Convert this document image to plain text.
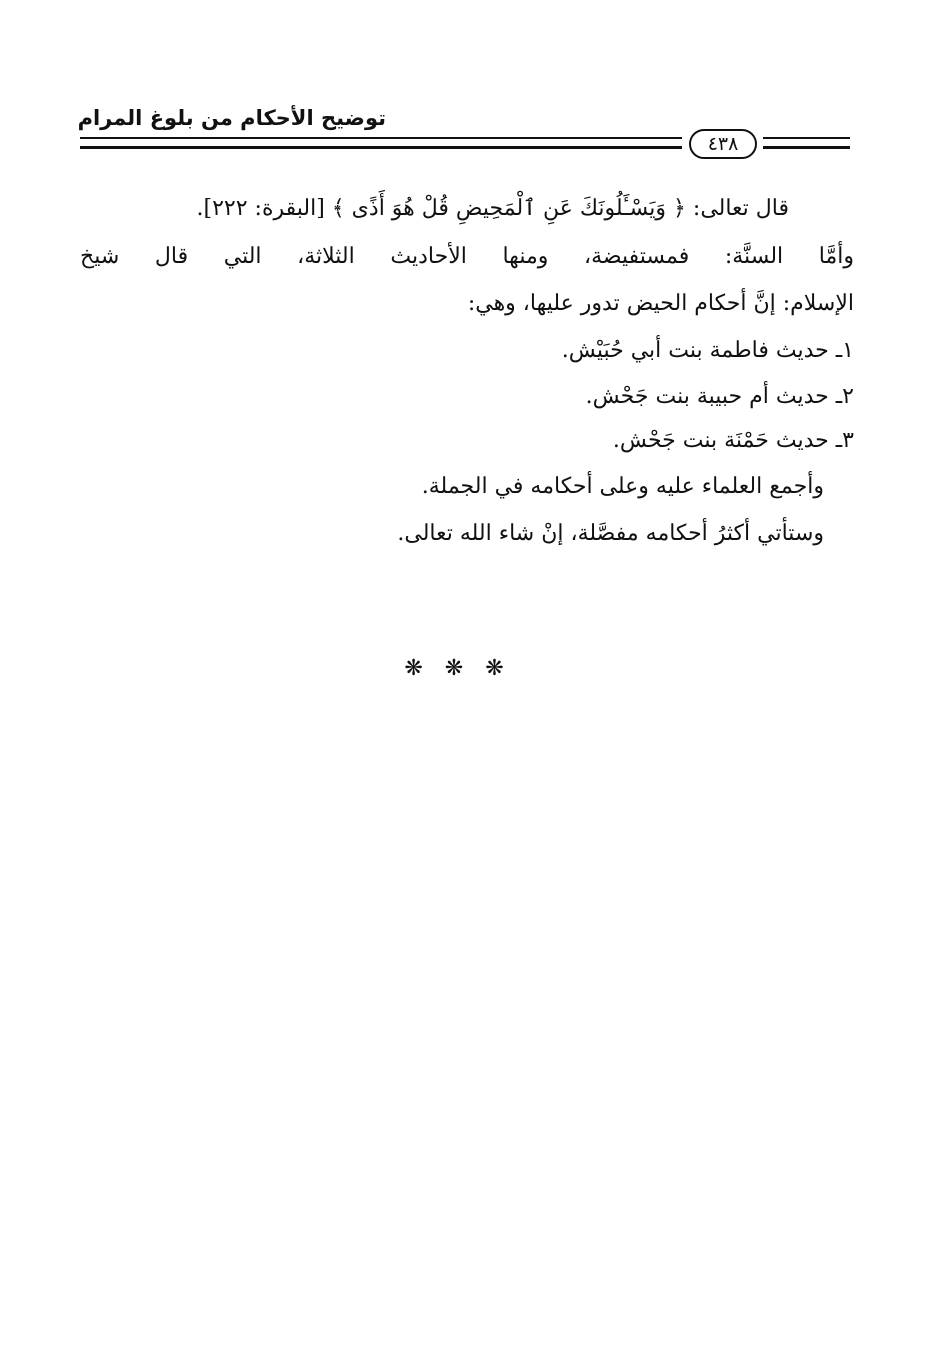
توضيح الأحكام من بلوغ المرام
٤٣٨
قال تعالى: ﴿ وَيَسْـَٔلُونَكَ عَنِ ٱلْمَحِيضِ قُلْ هُوَ أَذًى ﴾ [البقرة: ٢٢٢].
وأمَّا السنَّة: فمستفيضة، ومنها الأحاديث الثلاثة، التي قال شيخ
الإسلام: إنَّ أحكام الحيض تدور عليها، وهي:
١ـ حديث فاطمة بنت أبي حُبَيْش.
٢ـ حديث أم حبيبة بنت جَحْش.
٣ـ حديث حَمْنَة بنت جَحْش.
وأجمع العلماء عليه وعلى أحكامه في الجملة.
وستأتي أكثرُ أحكامه مفصَّلة، إنْ شاء الله تعالى.
❋❋❋
